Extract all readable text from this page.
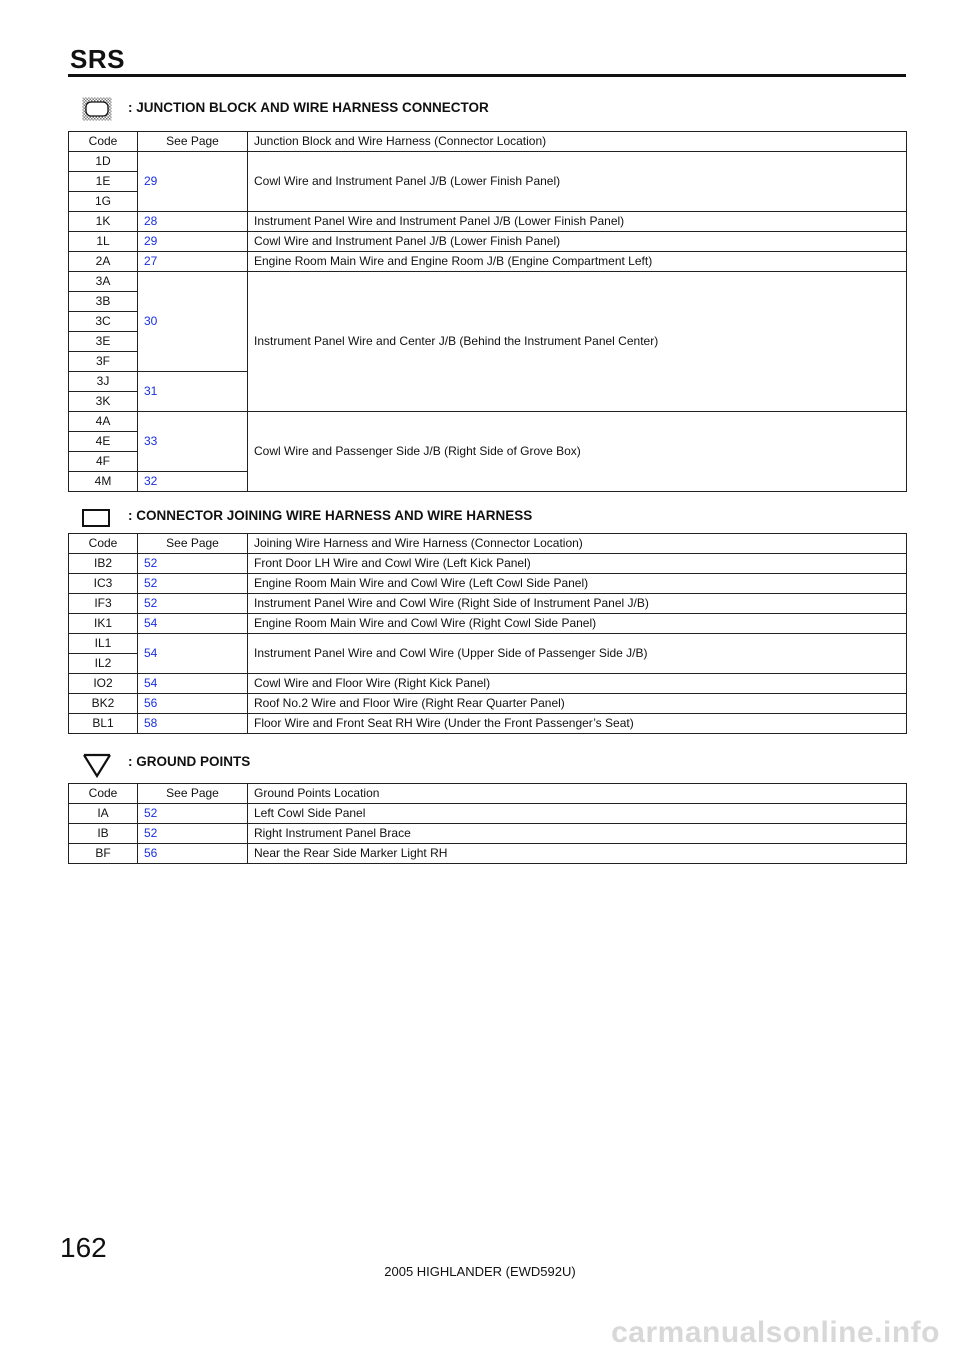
SRS
: JUNCTION BLOCK AND WIRE HARNESS CONNECTOR
Code	See Page	Junction Block and Wire Harness (Connector Location)
1D	29	Cowl Wire and Instrument Panel J/B (Lower Finish Panel)
1E		
1G		
1K	28	Instrument Panel Wire and Instrument Panel J/B (Lower Finish Panel)
1L	29	Cowl Wire and Instrument Panel J/B (Lower Finish Panel)
2A	27	Engine Room Main Wire and Engine Room J/B (Engine Compartment Left)
3A	30	Instrument Panel Wire and Center J/B (Behind the Instrument Panel Center)
3B		
3C		
3E		
3F		
3J	31	
3K		
4A	33	Cowl Wire and Passenger Side J/B (Right Side of Grove Box)
4E		
4F		
4M	32	
: CONNECTOR JOINING WIRE HARNESS AND WIRE HARNESS
Code	See Page	Joining Wire Harness and Wire Harness (Connector Location)
IB2	52	Front Door LH Wire and Cowl Wire (Left Kick Panel)
IC3	52	Engine Room Main Wire and Cowl Wire (Left Cowl Side Panel)
IF3	52	Instrument Panel Wire and Cowl Wire (Right Side of Instrument Panel J/B)
IK1	54	Engine Room Main Wire and Cowl Wire (Right Cowl Side Panel)
IL1	54	Instrument Panel Wire and Cowl Wire (Upper Side of Passenger Side J/B)
IL2		
IO2	54	Cowl Wire and Floor Wire (Right Kick Panel)
BK2	56	Roof No.2 Wire and Floor Wire (Right Rear Quarter Panel)
BL1	58	Floor Wire and Front Seat RH Wire (Under the Front Passenger’s Seat)
: GROUND POINTS
Code	See Page	Ground Points Location
IA	52	Left Cowl Side Panel
IB	52	Right Instrument Panel Brace
BF	56	Near the Rear Side Marker Light RH
162
2005 HIGHLANDER (EWD592U)
carmanualsonline.info
